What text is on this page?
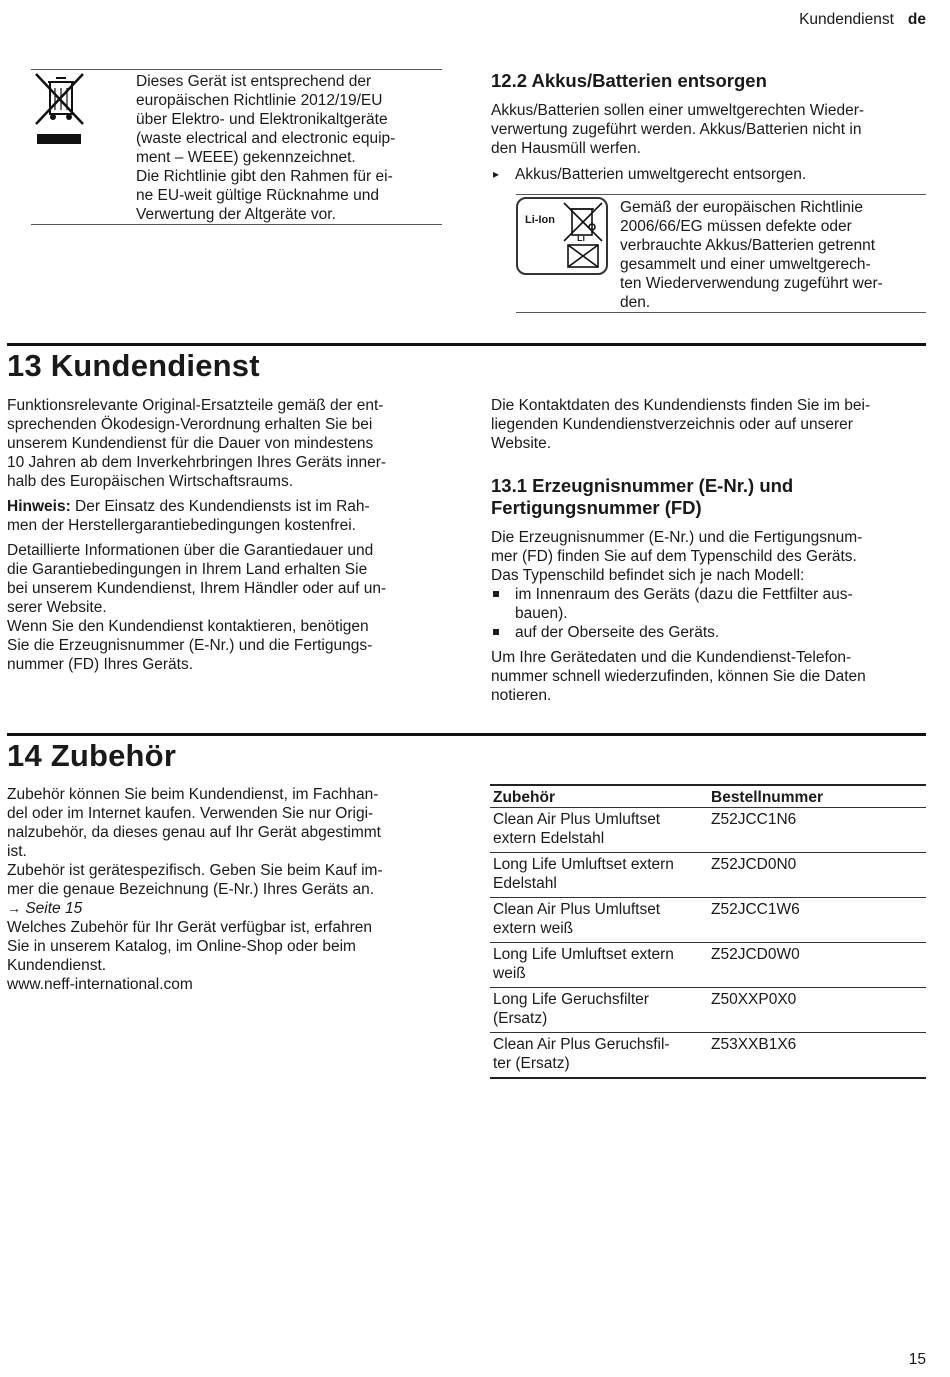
Kundendienst de

Dieses Gerät ist entsprechend der

europäischen Richtlinie 2012/19/EU

über Elektro- und Elektronikaltgeräte

(waste electrical and electronic equip-

ment – WEEE) gekennzeichnet.

Die Richtlinie gibt den Rahmen für ei-

ne EU-weit gültige Rücknahme und

Verwertung der Altgeräte vor.

12.2 Akkus/Batterien entsorgen

Akkus/Batterien sollen einer umweltgerechten Wieder-

verwertung zugeführt werden. Akkus/Batterien nicht in

den Hausmüll werfen.

▸ Akkus/Batterien umweltgerecht entsorgen.
Li-Ion
Li

Gemäß der europäischen Richtlinie

2006/66/EG müssen defekte oder

verbrauchte Akkus/Batterien getrennt

gesammelt und einer umweltgerech-

ten Wiederverwendung zugeführt wer-

den.

13 Kundendienst

Funktionsrelevante Original-Ersatzteile gemäß der ent-

sprechenden Ökodesign-Verordnung erhalten Sie bei

unserem Kundendienst für die Dauer von mindestens

10 Jahren ab dem Inverkehrbringen Ihres Geräts inner-

halb des Europäischen Wirtschaftsraums.

Hinweis: Der Einsatz des Kundendiensts ist im Rah-

men der Herstellergarantiebedingungen kostenfrei.

Detaillierte Informationen über die Garantiedauer und

die Garantiebedingungen in Ihrem Land erhalten Sie

bei unserem Kundendienst, Ihrem Händler oder auf un-

serer Website.

Wenn Sie den Kundendienst kontaktieren, benötigen

Sie die Erzeugnisnummer (E-Nr.) und die Fertigungs-

nummer (FD) Ihres Geräts.

Die Kontaktdaten des Kundendiensts finden Sie im bei-

liegenden Kundendienstverzeichnis oder auf unserer

Website.

13.1 Erzeugnisnummer (E-Nr.) und

Fertigungsnummer (FD)

Die Erzeugnisnummer (E-Nr.) und die Fertigungsnum-

mer (FD) finden Sie auf dem Typenschild des Geräts.

Das Typenschild befindet sich je nach Modell:

im Innenraum des Geräts (dazu die Fettfilter aus-

bauen).

auf der Oberseite des Geräts.

Um Ihre Gerätedaten und die Kundendienst-Telefon-

nummer schnell wiederzufinden, können Sie die Daten

notieren.

14 Zubehör

Zubehör können Sie beim Kundendienst, im Fachhan-

del oder im Internet kaufen. Verwenden Sie nur Origi-

nalzubehör, da dieses genau auf Ihr Gerät abgestimmt

ist.

Zubehör ist gerätespezifisch. Geben Sie beim Kauf im-

mer die genaue Bezeichnung (E-Nr.) Ihres Geräts an.

→ Seite 15

Welches Zubehör für Ihr Gerät verfügbar ist, erfahren

Sie in unserem Katalog, im Online-Shop oder beim

Kundendienst.

www.neff-international.com

Zubehör	Bestellnummer

Clean Air Plus Umluftset
extern Edelstahl	Z52JCC1N6

Long Life Umluftset extern
Edelstahl	Z52JCD0N0

Clean Air Plus Umluftset
extern weiß	Z52JCC1W6

Long Life Umluftset extern
weiß	Z52JCD0W0

Long Life Geruchsfilter
(Ersatz)	Z50XXP0X0

Clean Air Plus Geruchsfil-
ter (Ersatz)	Z53XXB1X6
15
